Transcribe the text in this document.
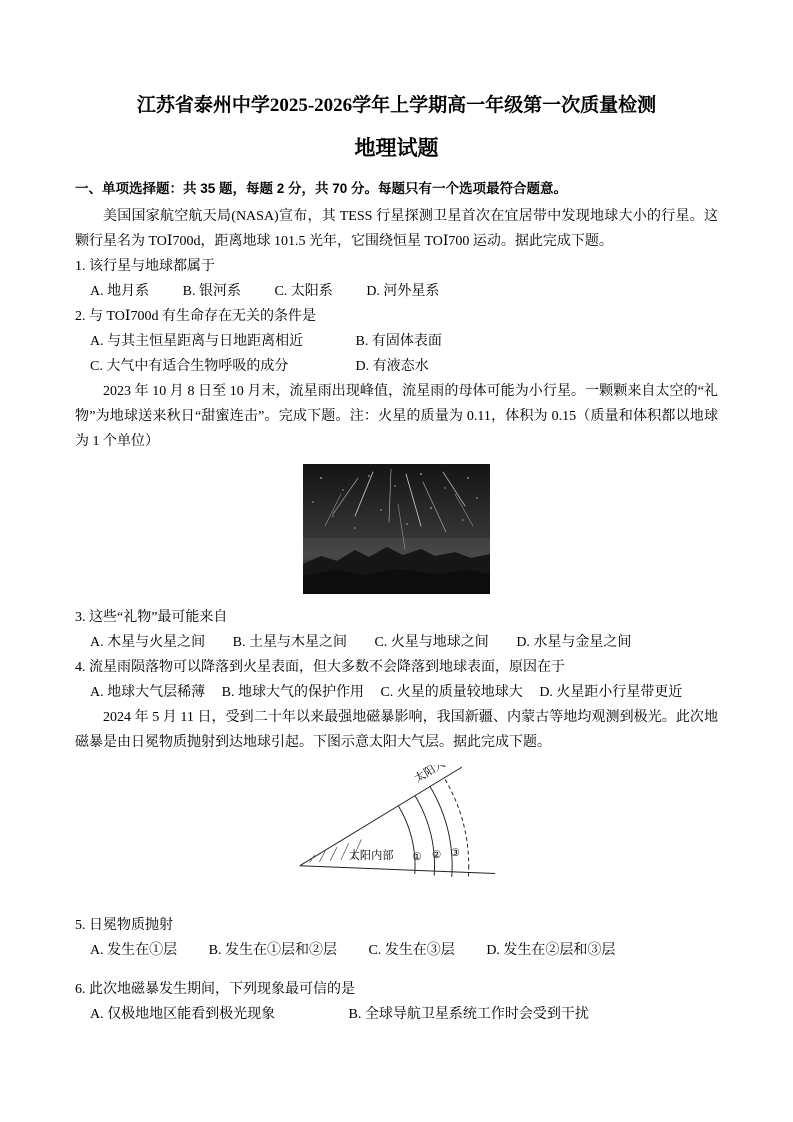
江苏省泰州中学2025-2026学年上学期高一年级第一次质量检测
地理试题

一、单项选择题：共 35 题，每题 2 分，共 70 分。每题只有一个选项最符合题意。

美国国家航空航天局(NASA)宣布，其 TESS 行星探测卫星首次在宜居带中发现地球大小的行星。这颗行星名为 TOⅠ700d，距离地球 101.5 光年，它围绕恒星 TOⅠ700 运动。据此完成下题。

1. 该行星与地球都属于

A. 地月系 B. 银河系 C. 太阳系 D. 河外星系

2. 与 TOⅠ700d 有生命存在无关的条件是

A. 与其主恒星距离与日地距离相近	B. 有固体表面

C. 大气中有适合生物呼吸的成分	D. 有液态水

2023 年 10 月 8 日至 10 月末，流星雨出现峰值，流星雨的母体可能为小行星。一颗颗来自太空的“礼物”为地球送来秋日“甜蜜连击”。完成下题。注：火星的质量为 0.11，体积为 0.15（质量和体积都以地球为 1 个单位）

3. 这些“礼物”最可能来自

A. 木星与火星之间 B. 土星与木星之间 C. 火星与地球之间 D. 水星与金星之间

4. 流星雨陨落物可以降落到火星表面，但大多数不会降落到地球表面，原因在于

A. 地球大气层稀薄 B. 地球大气的保护作用 C. 火星的质量较地球大 D. 火星距小行星带更近

2024 年 5 月 11 日，受到二十年以来最强地磁暴影响，我国新疆、内蒙古等地均观测到极光。此次地磁暴是由日冕物质抛射到达地球引起。下图示意太阳大气层。据此完成下题。

太阳大气
太阳内部 ① ② ③

5. 日冕物质抛射

A. 发生在①层 B. 发生在①层和②层 C. 发生在③层 D. 发生在②层和③层

6. 此次地磁暴发生期间，下列现象最可信的是

A. 仅极地地区能看到极光现象	B. 全球导航卫星系统工作时会受到干扰
